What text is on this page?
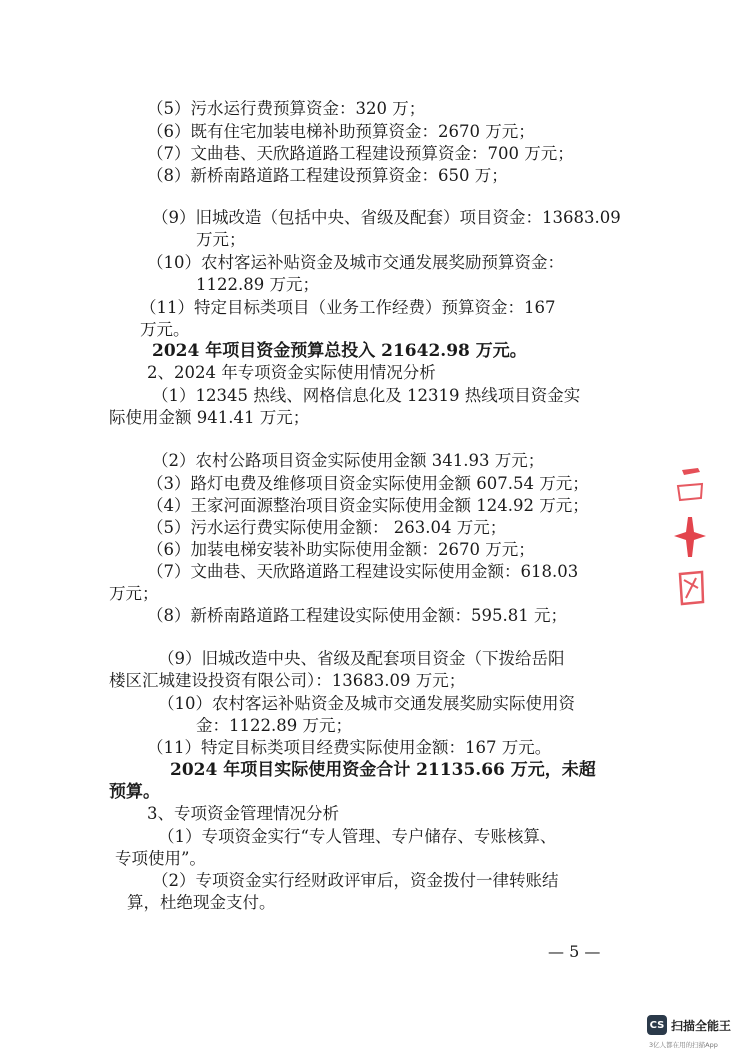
（5）污水运行费预算资金：320 万；
（6）既有住宅加装电梯补助预算资金：2670 万元；
（7）文曲巷、天欣路道路工程建设预算资金：700 万元；
（8）新桥南路道路工程建设预算资金：650 万；
（9）旧城改造（包括中央、省级及配套）项目资金：13683.09
万元；
（10）农村客运补贴资金及城市交通发展奖励预算资金：
1122.89 万元；
（11）特定目标类项目（业务工作经费）预算资金：167
万元。
2024 年项目资金预算总投入 21642.98 万元。
2、2024 年专项资金实际使用情况分析
（1）12345 热线、网格信息化及 12319 热线项目资金实
际使用金额 941.41 万元；
（2）农村公路项目资金实际使用金额 341.93 万元；
（3）路灯电费及维修项目资金实际使用金额 607.54 万元；
（4）王家河面源整治项目资金实际使用金额 124.92 万元；
（5）污水运行费实际使用金额： 263.04 万元；
（6）加装电梯安装补助实际使用金额：2670 万元；
（7）文曲巷、天欣路道路工程建设实际使用金额：618.03
万元；
（8）新桥南路道路工程建设实际使用金额：595.81 元；
（9）旧城改造中央、省级及配套项目资金（下拨给岳阳
楼区汇城建设投资有限公司）：13683.09 万元；
（10）农村客运补贴资金及城市交通发展奖励实际使用资
金：1122.89 万元；
（11）特定目标类项目经费实际使用金额：167 万元。
2024 年项目实际使用资金合计 21135.66 万元，未超
预算。
3、专项资金管理情况分析
（1）专项资金实行“专人管理、专户储存、专账核算、
专项使用”。
（2）专项资金实行经财政评审后，资金拨付一律转账结
算，杜绝现金支付。
— 5 —
CS 扫描全能王
3亿人都在用的扫描App
